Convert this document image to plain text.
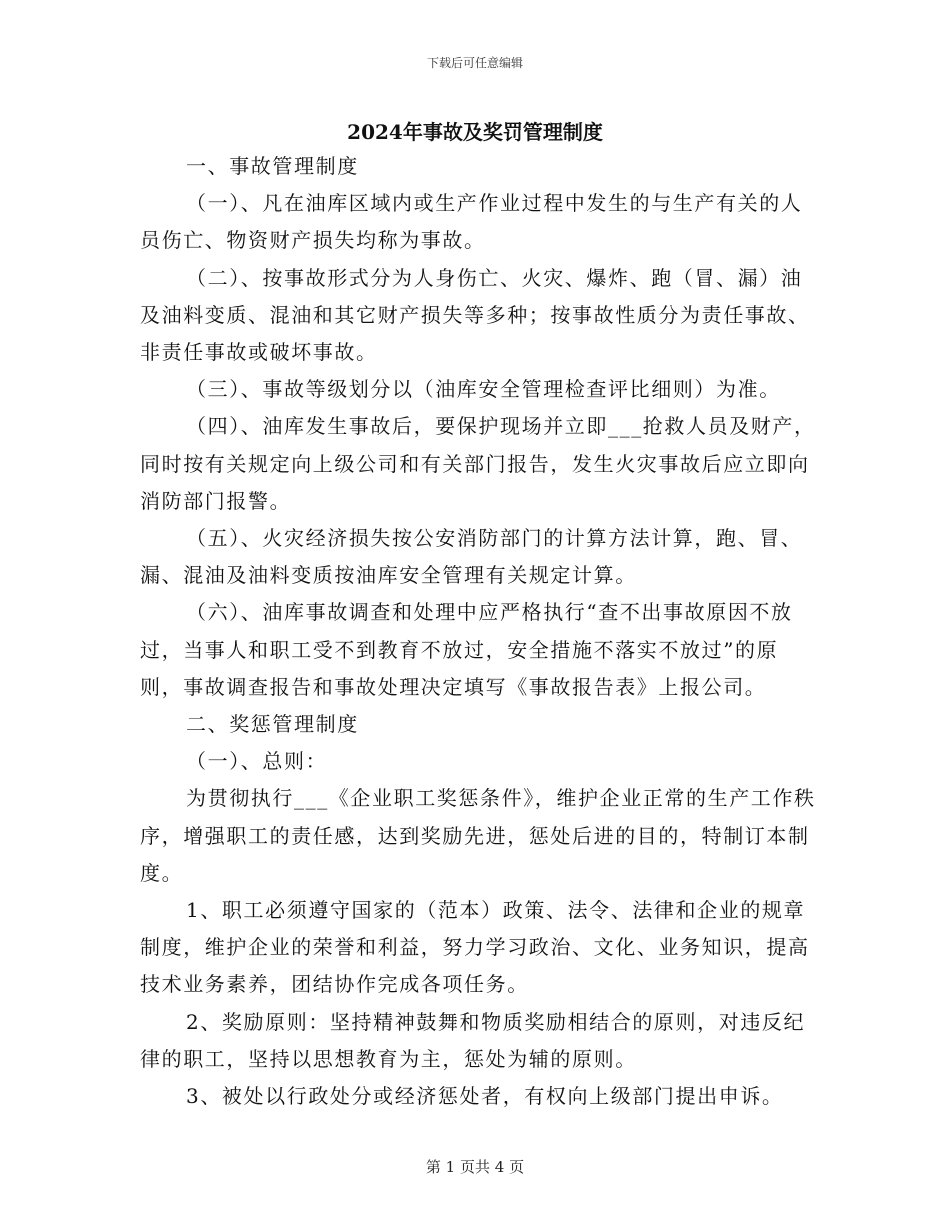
下载后可任意编辑
2024年事故及奖罚管理制度

一、事故管理制度

（一）、凡在油库区域内或生产作业过程中发生的与生产有关的人员伤亡、物资财产损失均称为事故。

（二）、按事故形式分为人身伤亡、火灾、爆炸、跑（冒、漏）油及油料变质、混油和其它财产损失等多种；按事故性质分为责任事故、非责任事故或破坏事故。

（三）、事故等级划分以（油库安全管理检查评比细则）为准。

（四）、油库发生事故后，要保护现场并立即___抢救人员及财产，同时按有关规定向上级公司和有关部门报告，发生火灾事故后应立即向消防部门报警。

（五）、火灾经济损失按公安消防部门的计算方法计算，跑、冒、漏、混油及油料变质按油库安全管理有关规定计算。

（六）、油库事故调查和处理中应严格执行“查不出事故原因不放过，当事人和职工受不到教育不放过，安全措施不落实不放过”的原则，事故调查报告和事故处理决定填写《事故报告表》上报公司。

二、奖惩管理制度

（一）、总则：

为贯彻执行___《企业职工奖惩条件》，维护企业正常的生产工作秩序，增强职工的责任感，达到奖励先进，惩处后进的目的，特制订本制度。

1、职工必须遵守国家的（范本）政策、法令、法律和企业的规章制度，维护企业的荣誉和利益，努力学习政治、文化、业务知识，提高技术业务素养，团结协作完成各项任务。

2、奖励原则：坚持精神鼓舞和物质奖励相结合的原则，对违反纪律的职工，坚持以思想教育为主，惩处为辅的原则。

3、被处以行政处分或经济惩处者，有权向上级部门提出申诉。

第 1 页共 4 页
